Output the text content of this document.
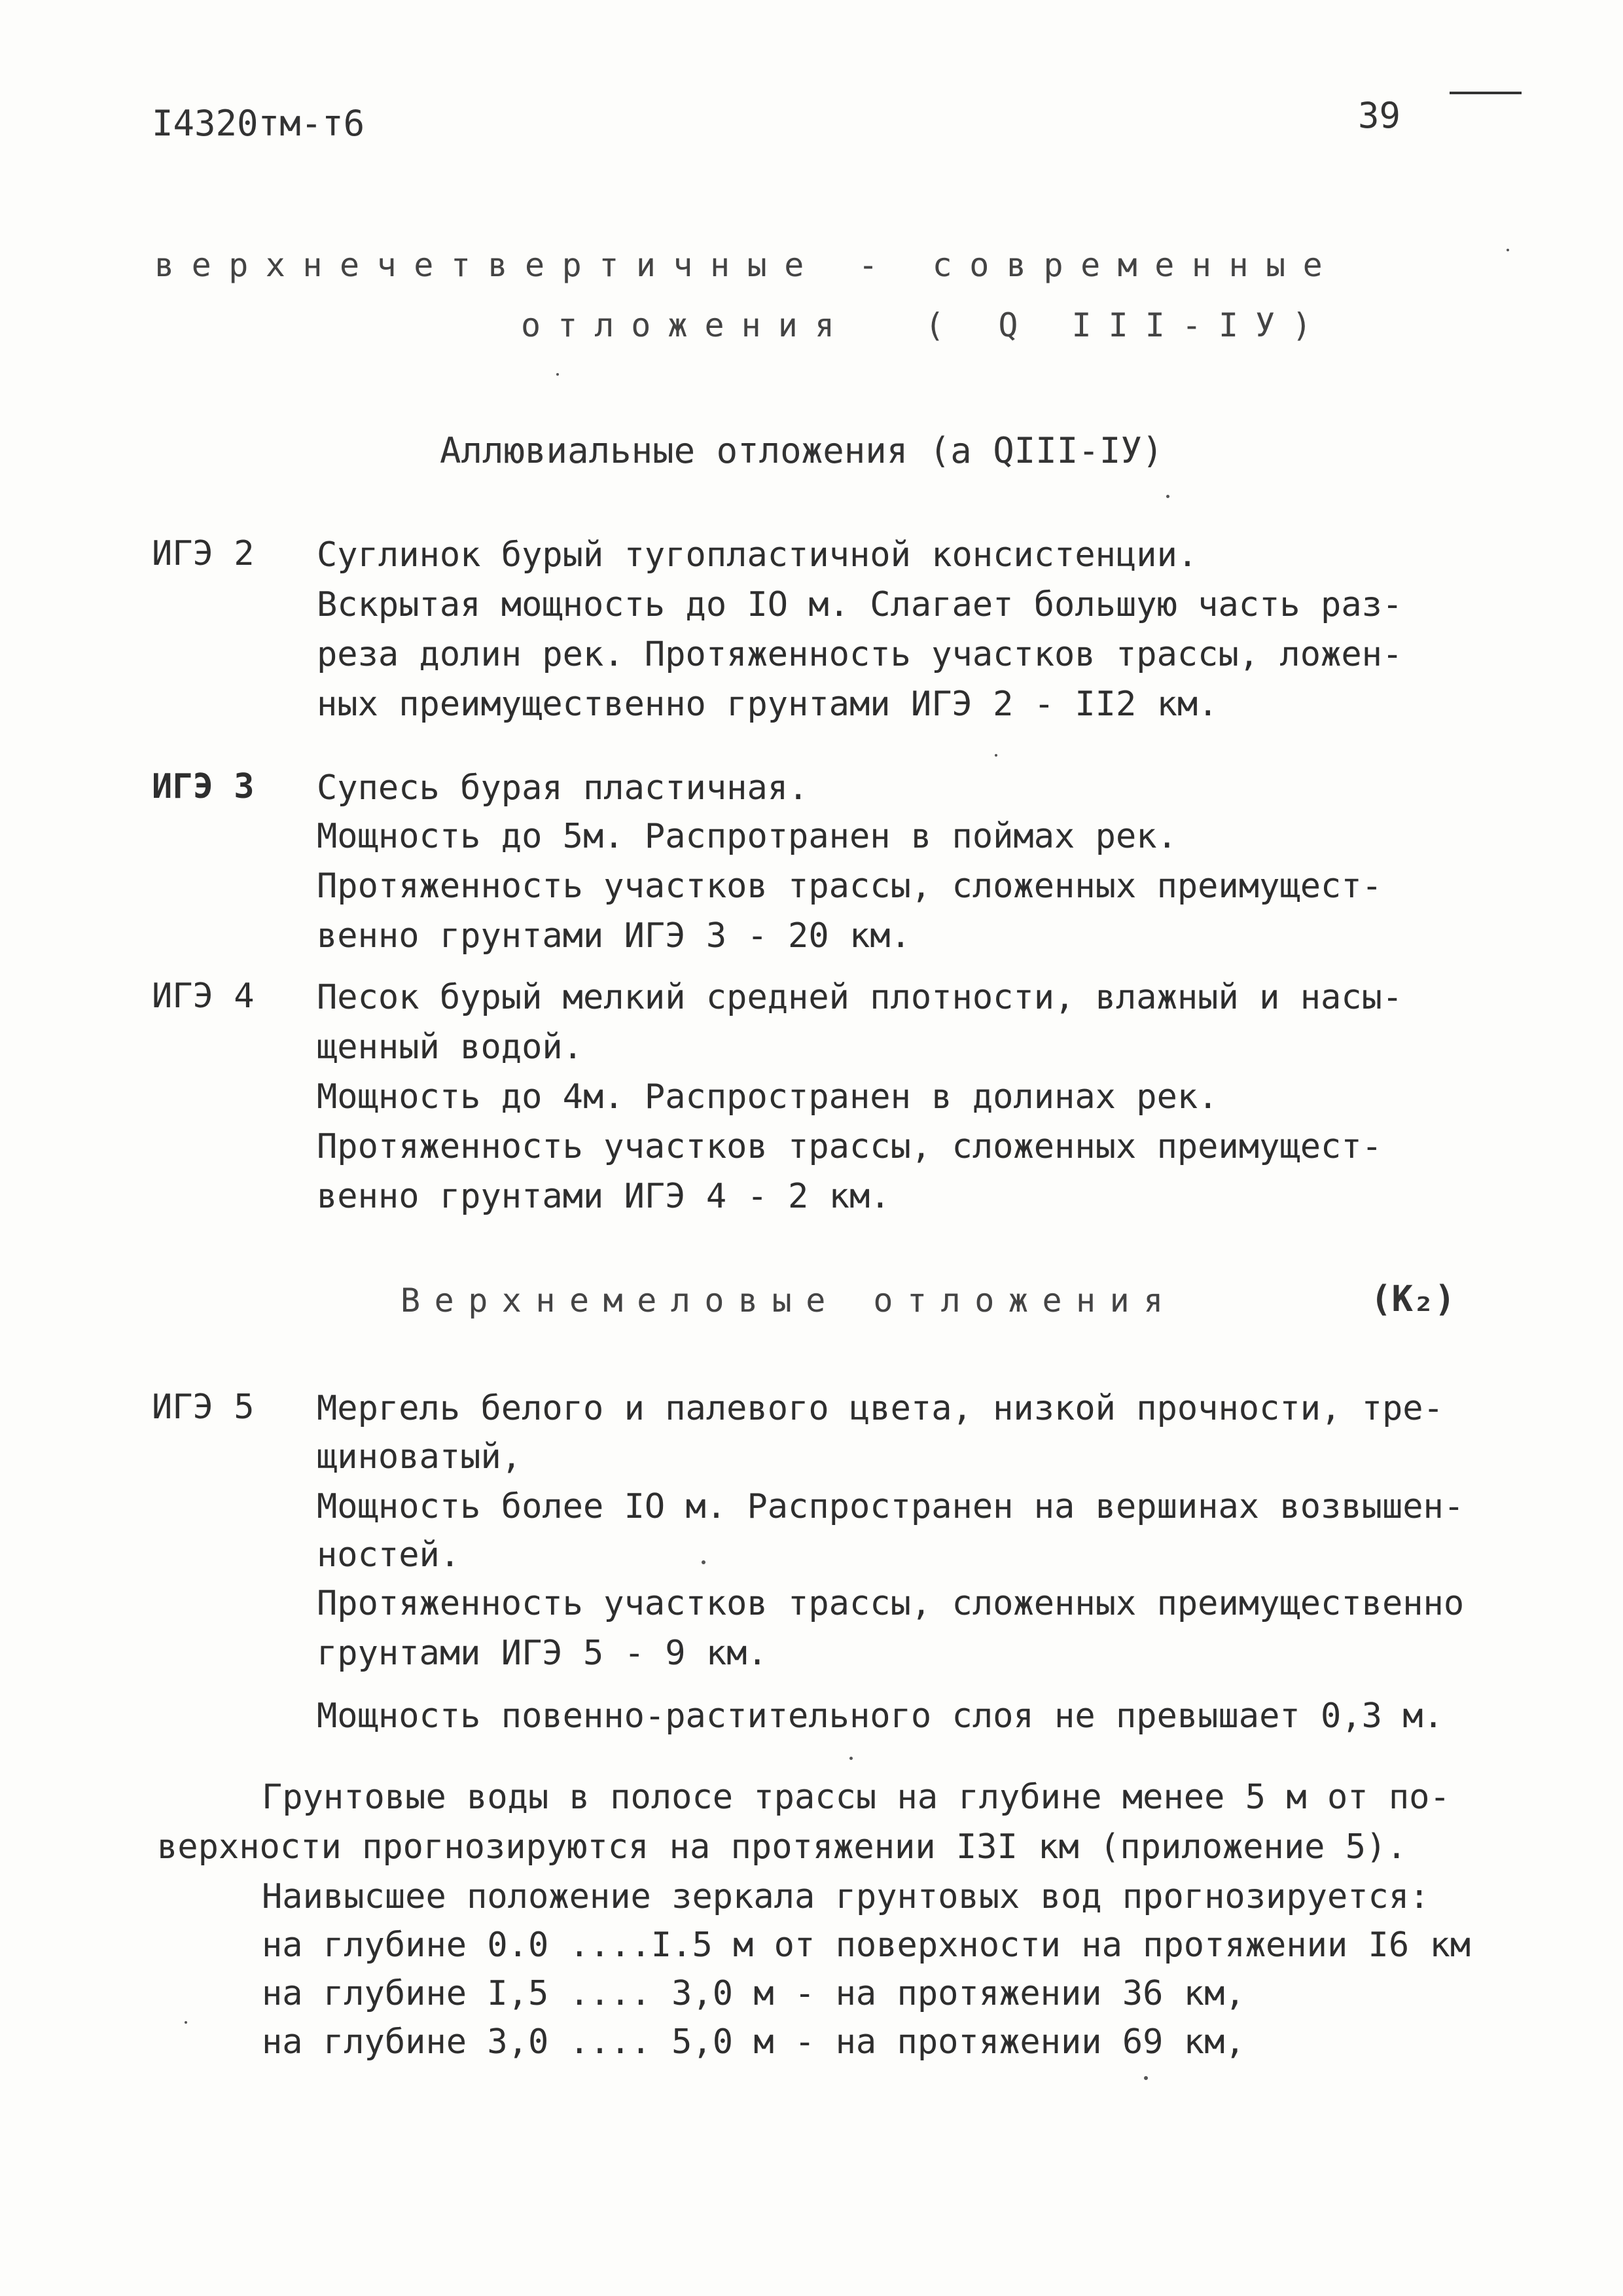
I4320тм-т6	39
верхнечетвертичные - современные
отложения  ( Q III-IУ)
Аллювиальные отложения (a QIII-IУ)
ИГЭ 2 Суглинок бурый тугопластичной консистенции.
Вскрытая мощность до IO м. Слагает большую часть раз-
реза долин рек. Протяженность участков трассы, ложен-
ных преимущественно грунтами ИГЭ 2 - II2 км.
ИГЭ 3 Супесь бурая пластичная.
Мощность до 5м. Распротранен в поймах рек.
Протяженность участков трассы, сложенных преимущест-
венно грунтами ИГЭ 3 - 20 км.
ИГЭ 4 Песок бурый мелкий средней плотности, влажный и насы-
щенный водой.
Мощность до 4м. Распространен в долинах рек.
Протяженность участков трассы, сложенных преимущест-
венно грунтами ИГЭ 4 - 2 км.
Верхнемеловые отложения	(K₂)
ИГЭ 5 Мергель белого и палевого цвета, низкой прочности, тре-
щиноватый,
Мощность более IO м. Распространен на вершинах возвышен-
ностей.
Протяженность участков трассы, сложенных преимущественно
грунтами ИГЭ 5 - 9 км.
Мощность повенно-растительного слоя не превышает 0,3 м.
Грунтовые воды в полосе трассы на глубине менее 5 м от по-
верхности прогнозируются на протяжении I3I км (приложение 5).
Наивысшее положение зеркала грунтовых вод прогнозируется:
на глубине 0.0 ....I.5 м от поверхности на протяжении I6 км
на глубине I,5 .... 3,0 м - на протяжении 36 км,
на глубине 3,0 .... 5,0 м - на протяжении 69 км,
